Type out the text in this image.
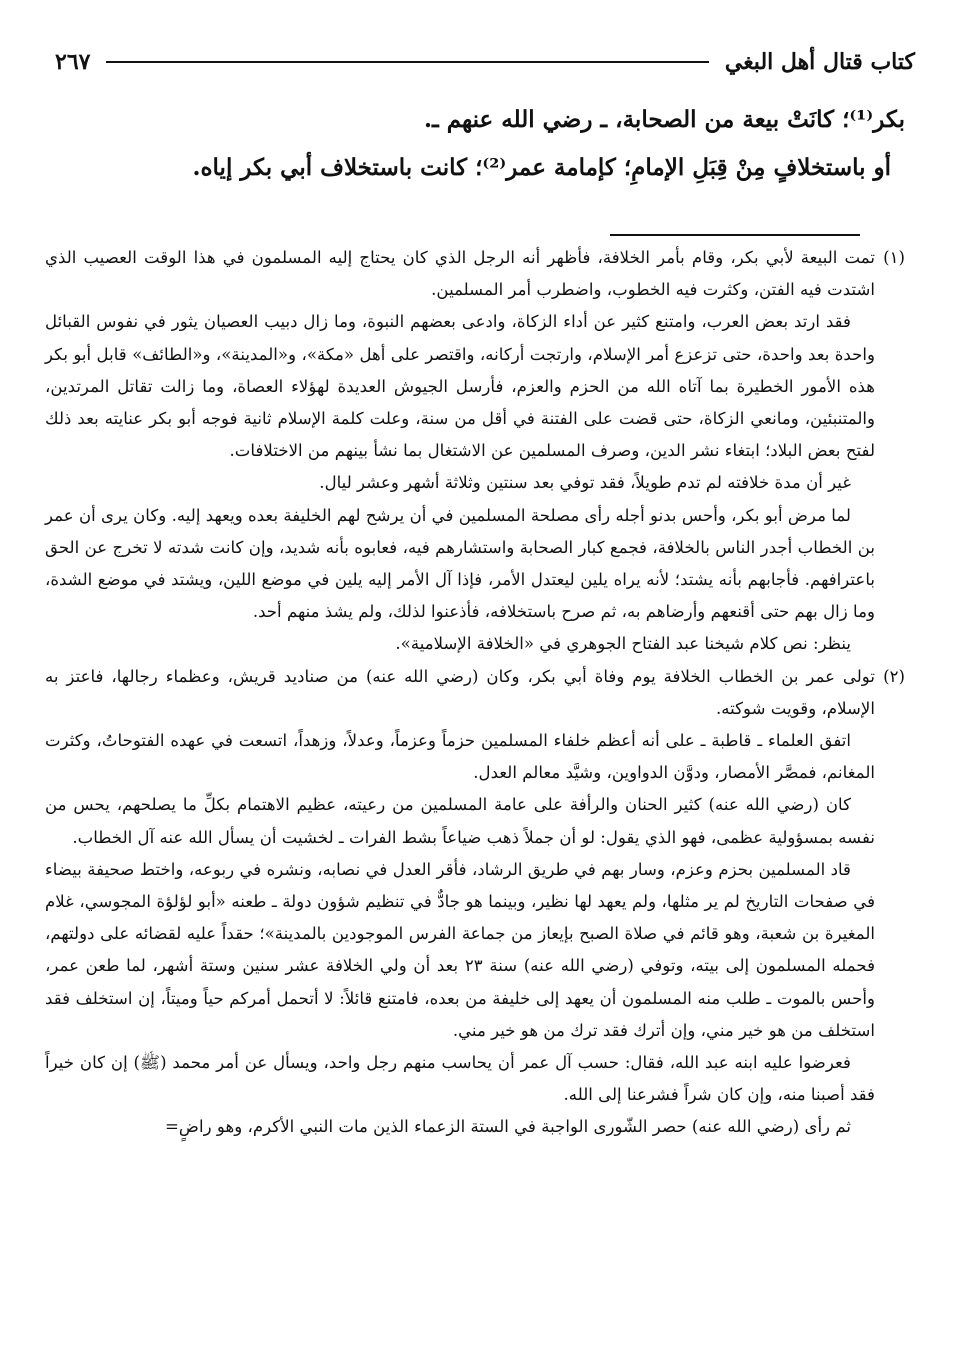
كتاب قتال أهل البغي
٢٦٧

بكر⁽¹⁾؛ كانَتْ بيعة من الصحابة، ـ رضي الله عنهم ـ.

أو باستخلافٍ مِنْ قِبَلِ الإمامِ؛ كإمامة عمر⁽²⁾؛ كانت باستخلاف أبي بكر إياه.

(١)
تمت البيعة لأبي بكر، وقام بأمر الخلافة، فأظهر أنه الرجل الذي كان يحتاج إليه المسلمون في هذا الوقت العصيب الذي اشتدت فيه الفتن، وكثرت فيه الخطوب، واضطرب أمر المسلمين.

فقد ارتد بعض العرب، وامتنع كثير عن أداء الزكاة، وادعى بعضهم النبوة، وما زال دبيب العصيان يثور في نفوس القبائل واحدة بعد واحدة، حتى تزعزع أمر الإسلام، وارتجت أركانه، واقتصر على أهل «مكة»، و«المدينة»، و«الطائف» قابل أبو بكر هذه الأمور الخطيرة بما آتاه الله من الحزم والعزم، فأرسل الجيوش العديدة لهؤلاء العصاة، وما زالت تقاتل المرتدين، والمتنبئين، ومانعي الزكاة، حتى قضت على الفتنة في أقل من سنة، وعلت كلمة الإسلام ثانية فوجه أبو بكر عنايته بعد ذلك لفتح بعض البلاد؛ ابتغاء نشر الدين، وصرف المسلمين عن الاشتغال بما نشأ بينهم من الاختلافات.

غير أن مدة خلافته لم تدم طويلاً، فقد توفي بعد سنتين وثلاثة أشهر وعشر ليال.

لما مرض أبو بكر، وأحس بدنو أجله رأى مصلحة المسلمين في أن يرشح لهم الخليفة بعده ويعهد إليه. وكان يرى أن عمر بن الخطاب أجدر الناس بالخلافة، فجمع كبار الصحابة واستشارهم فيه، فعابوه بأنه شديد، وإن كانت شدته لا تخرج عن الحق باعترافهم. فأجابهم بأنه يشتد؛ لأنه يراه يلين ليعتدل الأمر، فإذا آل الأمر إليه يلين في موضع اللين، ويشتد في موضع الشدة، وما زال بهم حتى أقنعهم وأرضاهم به، ثم صرح باستخلافه، فأذعنوا لذلك، ولم يشذ منهم أحد.

ينظر: نص كلام شيخنا عبد الفتاح الجوهري في «الخلافة الإسلامية».

(٢)
تولى عمر بن الخطاب الخلافة يوم وفاة أبي بكر، وكان (رضي الله عنه) من صناديد قريش، وعظماء رجالها، فاعتز به الإسلام، وقويت شوكته.

اتفق العلماء ـ قاطبة ـ على أنه أعظم خلفاء المسلمين حزماً وعزماً، وعدلاً، وزهداً، اتسعت في عهده الفتوحاتُ، وكثرت المغانم، فمصَّر الأمصار، ودوَّن الدواوين، وشيَّد معالم العدل.

كان (رضي الله عنه) كثير الحنان والرأفة على عامة المسلمين من رعيته، عظيم الاهتمام بكلِّ ما يصلحهم، يحس من نفسه بمسؤولية عظمى، فهو الذي يقول: لو أن جملاً ذهب ضياعاً بشط الفرات ـ لخشيت أن يسأل الله عنه آل الخطاب.

قاد المسلمين بحزم وعزم، وسار بهم في طريق الرشاد، فأقر العدل في نصابه، ونشره في ربوعه، واختط صحيفة بيضاء في صفحات التاريخ لم ير مثلها، ولم يعهد لها نظير، وبينما هو جادٌّ في تنظيم شؤون دولة ـ طعنه «أبو لؤلؤة المجوسي، غلام المغيرة بن شعبة، وهو قائم في صلاة الصبح بإيعاز من جماعة الفرس الموجودين بالمدينة»؛ حقداً عليه لقضائه على دولتهم، فحمله المسلمون إلى بيته، وتوفي (رضي الله عنه) سنة ٢٣ بعد أن ولي الخلافة عشر سنين وستة أشهر، لما طعن عمر، وأحس بالموت ـ طلب منه المسلمون أن يعهد إلى خليفة من بعده، فامتنع قائلاً: لا أتحمل أمركم حياً وميتاً، إن استخلف فقد استخلف من هو خير مني، وإن أترك فقد ترك من هو خير مني.

فعرضوا عليه ابنه عبد الله، فقال: حسب آل عمر أن يحاسب منهم رجل واحد، ويسأل عن أمر محمد (ﷺ) إن كان خيراً فقد أصبنا منه، وإن كان شراً فشرعنا إلى الله.

ثم رأى (رضي الله عنه) حصر الشّورى الواجبة في الستة الزعماء الذين مات النبي الأكرم، وهو راضٍ=
